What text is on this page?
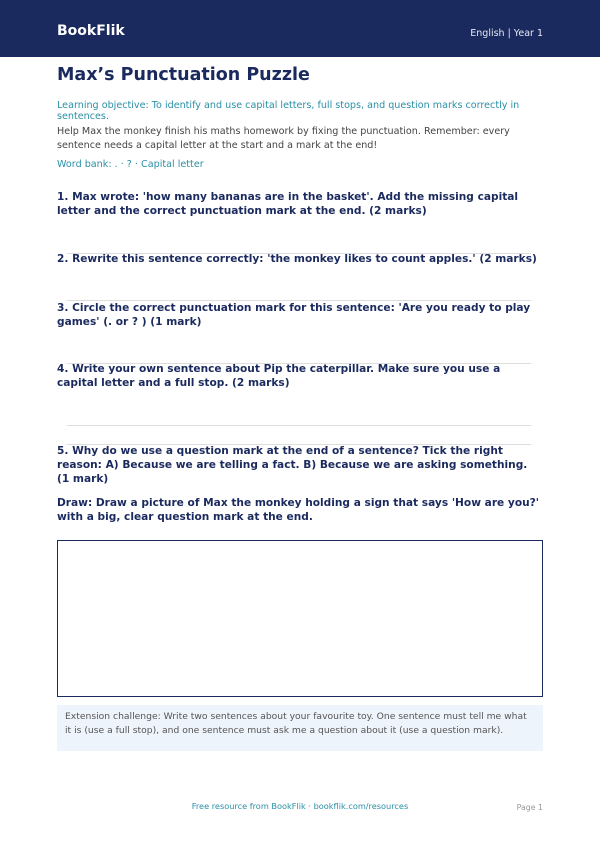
BookFlik	English | Year 1
Max’s Punctuation Puzzle
Learning objective: To identify and use capital letters, full stops, and question marks correctly in sentences.
Help Max the monkey finish his maths homework by fixing the punctuation. Remember: every sentence needs a capital letter at the start and a mark at the end!
Word bank: . · ? · Capital letter
1. Max wrote: 'how many bananas are in the basket'. Add the missing capital letter and the correct punctuation mark at the end. (2 marks)
2. Rewrite this sentence correctly: 'the monkey likes to count apples.' (2 marks)
3. Circle the correct punctuation mark for this sentence: 'Are you ready to play games' (. or ? ) (1 mark)
4. Write your own sentence about Pip the caterpillar. Make sure you use a capital letter and a full stop. (2 marks)
5. Why do we use a question mark at the end of a sentence? Tick the right reason: A) Because we are telling a fact. B) Because we are asking something. (1 mark)
Draw: Draw a picture of Max the monkey holding a sign that says 'How are you?' with a big, clear question mark at the end.
Extension challenge: Write two sentences about your favourite toy. One sentence must tell me what it is (use a full stop), and one sentence must ask me a question about it (use a question mark).
Free resource from BookFlik · bookflik.com/resources	Page 1
